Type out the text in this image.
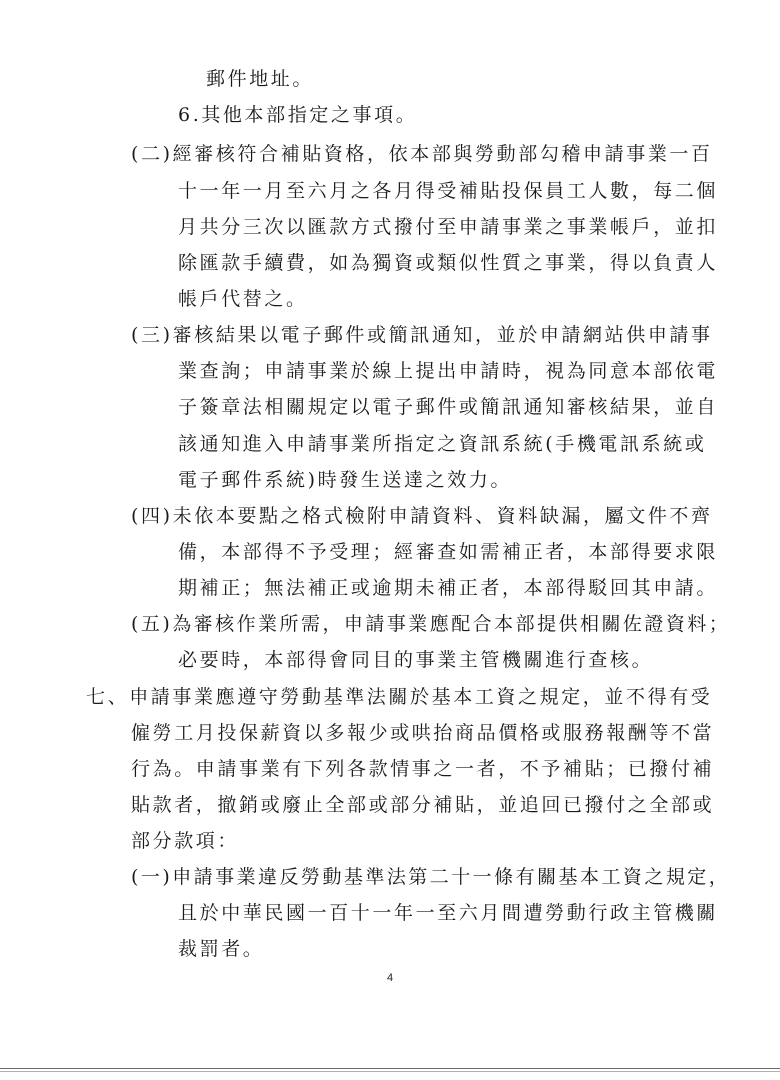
郵件地址。
6.其他本部指定之事項。
(二)經審核符合補貼資格，依本部與勞動部勾稽申請事業一百
十一年一月至六月之各月得受補貼投保員工人數，每二個
月共分三次以匯款方式撥付至申請事業之事業帳戶，並扣
除匯款手續費，如為獨資或類似性質之事業，得以負責人
帳戶代替之。
(三)審核結果以電子郵件或簡訊通知，並於申請網站供申請事
業查詢；申請事業於線上提出申請時，視為同意本部依電
子簽章法相關規定以電子郵件或簡訊通知審核結果，並自
該通知進入申請事業所指定之資訊系統(手機電訊系統或
電子郵件系統)時發生送達之效力。
(四)未依本要點之格式檢附申請資料、資料缺漏，屬文件不齊
備，本部得不予受理；經審查如需補正者，本部得要求限
期補正；無法補正或逾期未補正者，本部得駁回其申請。
(五)為審核作業所需，申請事業應配合本部提供相關佐證資料；
必要時，本部得會同目的事業主管機關進行查核。
七、申請事業應遵守勞動基準法關於基本工資之規定，並不得有受
僱勞工月投保薪資以多報少或哄抬商品價格或服務報酬等不當
行為。申請事業有下列各款情事之一者，不予補貼；已撥付補
貼款者，撤銷或廢止全部或部分補貼，並追回已撥付之全部或
部分款項：
(一)申請事業違反勞動基準法第二十一條有關基本工資之規定，
且於中華民國一百十一年一至六月間遭勞動行政主管機關
裁罰者。
4
